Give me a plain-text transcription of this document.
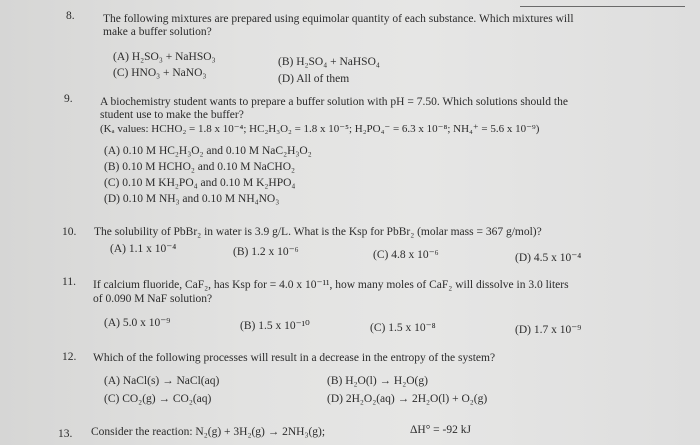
8. The following mixtures are prepared using equimolar quantity of each substance. Which mixtures will
make a buffer solution?
(A) H₂SO₃ + NaHSO₃	(B) H₂SO₄ + NaHSO₄
(C) HNO₃ + NaNO₃	(D) All of them
9. A biochemistry student wants to prepare a buffer solution with pH = 7.50. Which solutions should the
student use to make the buffer?
(Kₐ values: HCHO₂ = 1.8 x 10⁻⁴; HC₂H₃O₂ = 1.8 x 10⁻⁵; H₂PO₄⁻ = 6.3 x 10⁻⁸; NH₄⁺ = 5.6 x 10⁻⁹)
(A) 0.10 M HC₂H₃O₂ and 0.10 M NaC₂H₃O₂
(B) 0.10 M HCHO₂ and 0.10 M NaCHO₂
(C) 0.10 M KH₂PO₄ and 0.10 M K₂HPO₄
(D) 0.10 M NH₃ and 0.10 M NH₄NO₃
10. The solubility of PbBr₂ in water is 3.9 g/L. What is the Ksp for PbBr₂ (molar mass = 367 g/mol)?
(A) 1.1 x 10⁻⁴	(B) 1.2 x 10⁻⁶	(C) 4.8 x 10⁻⁶	(D) 4.5 x 10⁻⁴
11. If calcium fluoride, CaF₂, has Ksp for = 4.0 x 10⁻¹¹, how many moles of CaF₂ will dissolve in 3.0 liters
of 0.090 M NaF solution?
(A) 5.0 x 10⁻⁹	(B) 1.5 x 10⁻¹⁰	(C) 1.5 x 10⁻⁸	(D) 1.7 x 10⁻⁹
12. Which of the following processes will result in a decrease in the entropy of the system?
(A) NaCl(s) → NaCl(aq)	(B) H₂O(l) → H₂O(g)
(C) CO₂(g) → CO₂(aq)	(D) 2H₂O₂(aq) → 2H₂O(l) + O₂(g)
13. Consider the reaction: N₂(g) + 3H₂(g) → 2NH₃(g);	ΔH° = -92 kJ
